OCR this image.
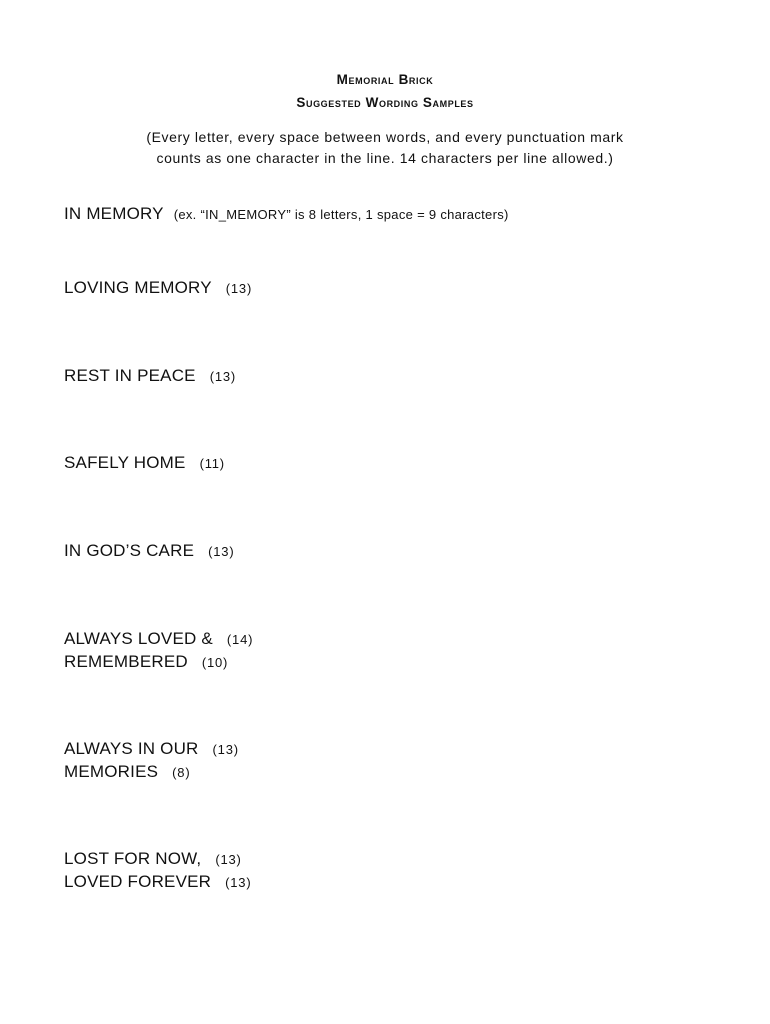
Memorial Brick
Suggested Wording Samples
(Every letter, every space between words, and every punctuation mark
counts as one character in the line. 14 characters per line allowed.)
IN MEMORY (ex. “IN_MEMORY” is 8 letters, 1 space = 9 characters)
LOVING MEMORY (13)
REST IN PEACE (13)
SAFELY HOME (11)
IN GOD’S CARE (13)
ALWAYS LOVED & (14)
REMEMBERED (10)
ALWAYS IN OUR (13)
MEMORIES (8)
LOST FOR NOW, (13)
LOVED FOREVER (13)
